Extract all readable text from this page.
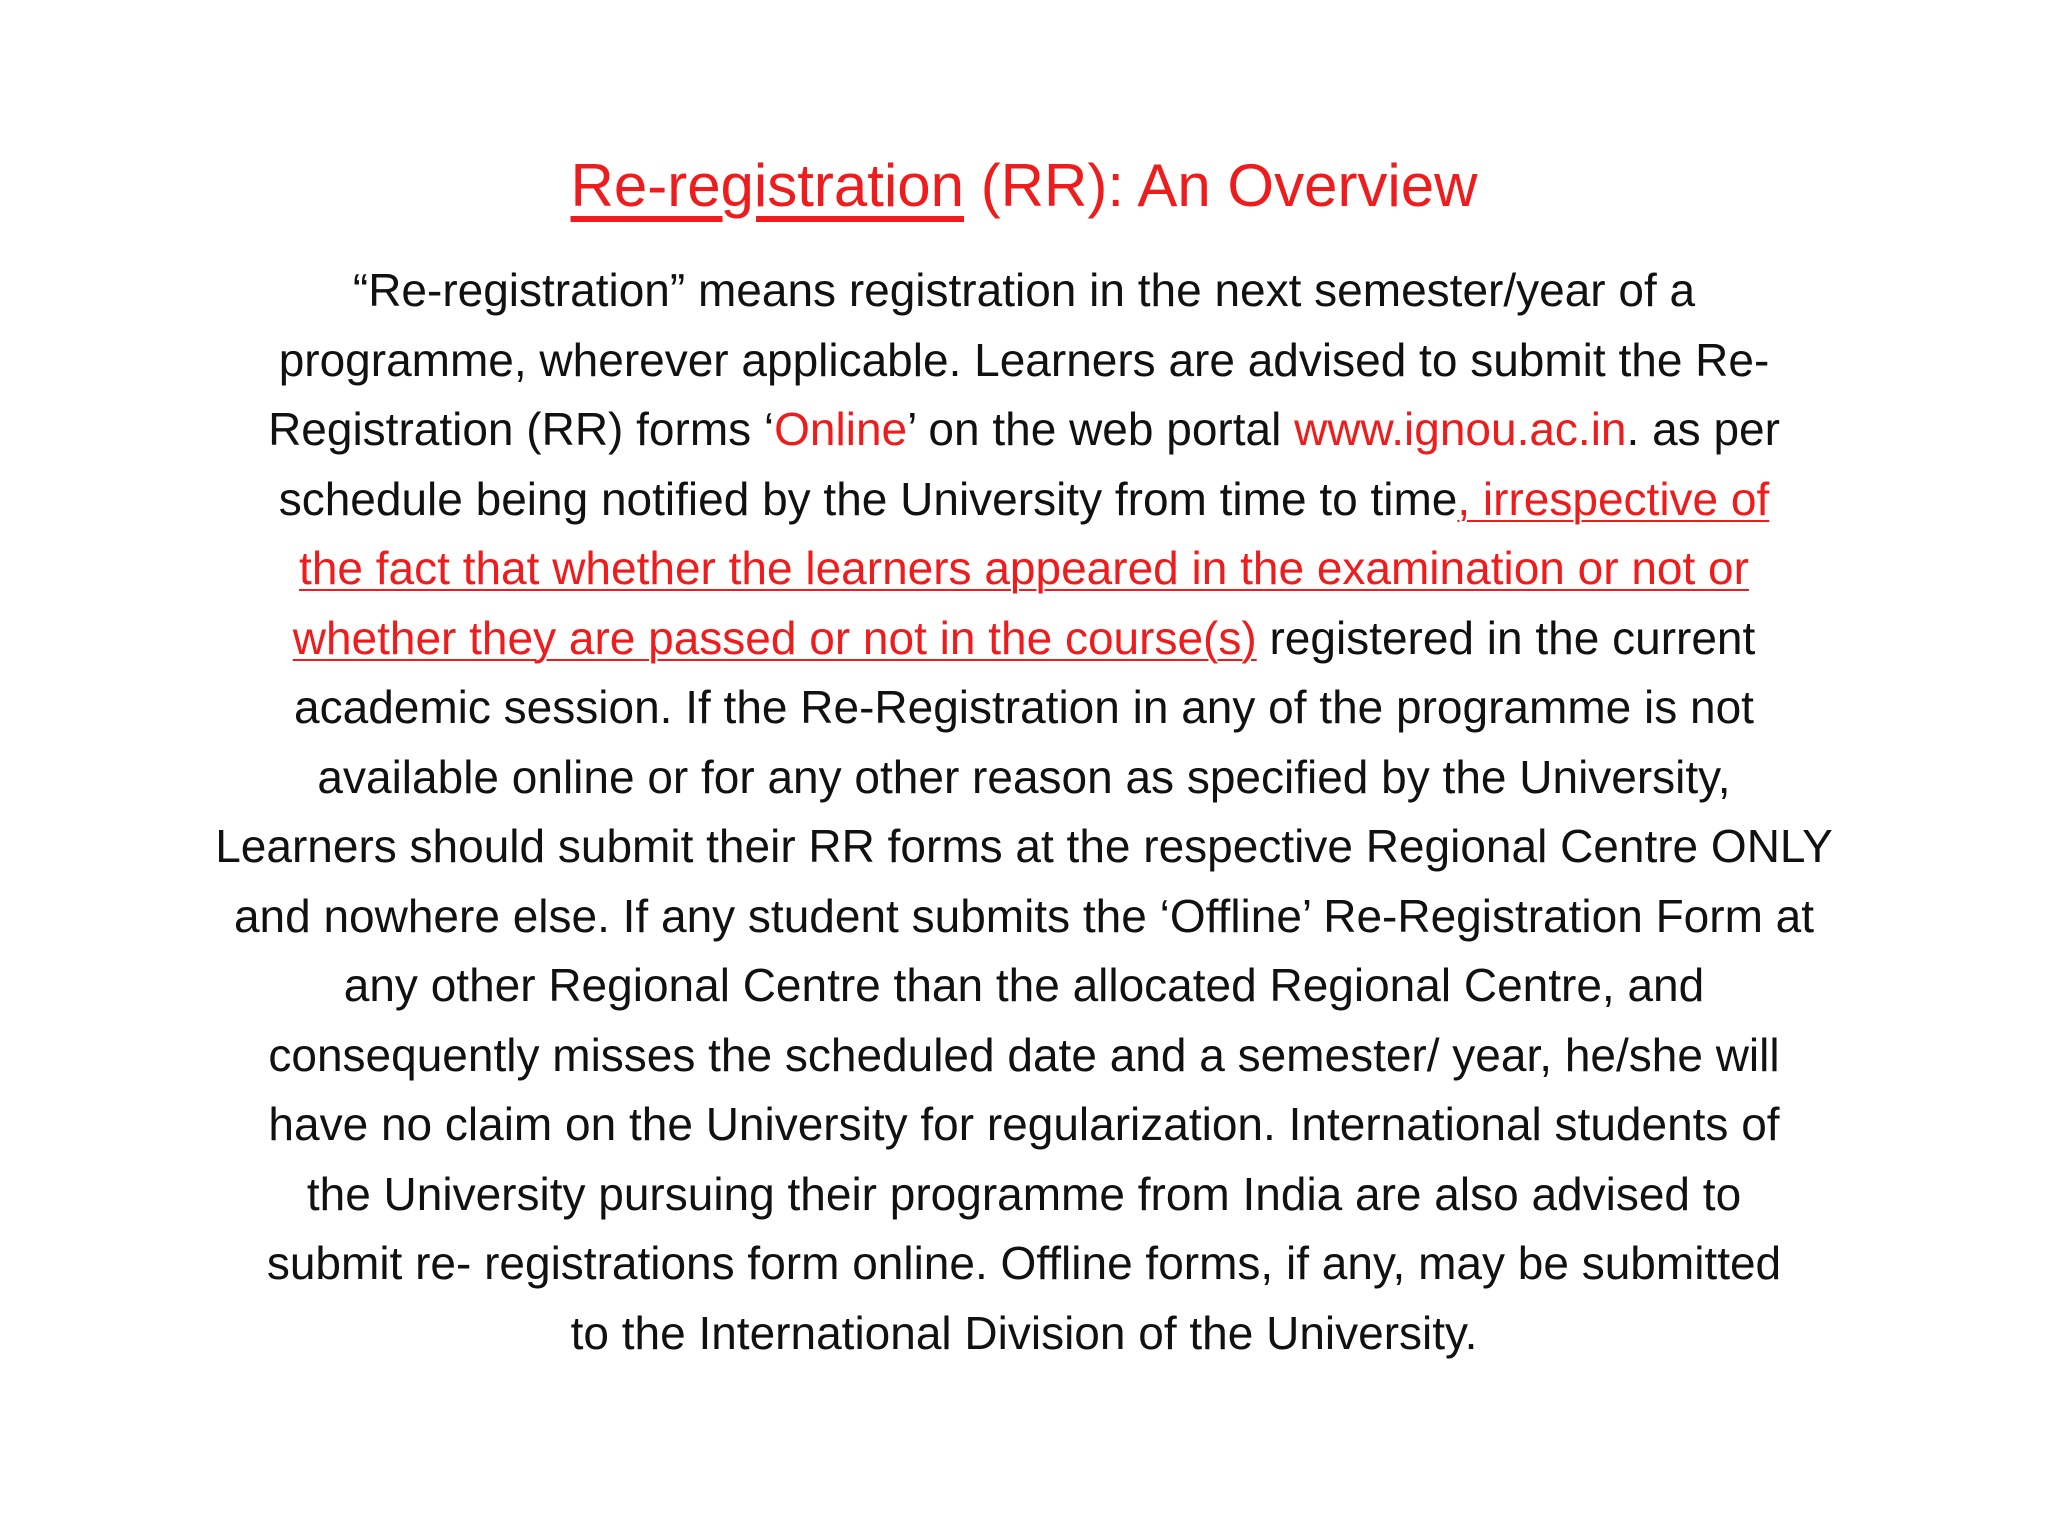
Re-registration (RR): An Overview
“Re-registration” means registration in the next semester/year of a
programme, wherever applicable. Learners are advised to submit the Re-
Registration (RR) forms ‘Online’ on the web portal www.ignou.ac.in. as per
schedule being notified by the University from time to time, irrespective of
the fact that whether the learners appeared in the examination or not or
whether they are passed or not in the course(s) registered in the current
academic session. If the Re-Registration in any of the programme is not
available online or for any other reason as specified by the University,
Learners should submit their RR forms at the respective Regional Centre ONLY
and nowhere else. If any student submits the ‘Offline’ Re-Registration Form at
any other Regional Centre than the allocated Regional Centre, and
consequently misses the scheduled date and a semester/ year, he/she will
have no claim on the University for regularization. International students of
the University pursuing their programme from India are also advised to
submit re- registrations form online. Offline forms, if any, may be submitted
to the International Division of the University.
